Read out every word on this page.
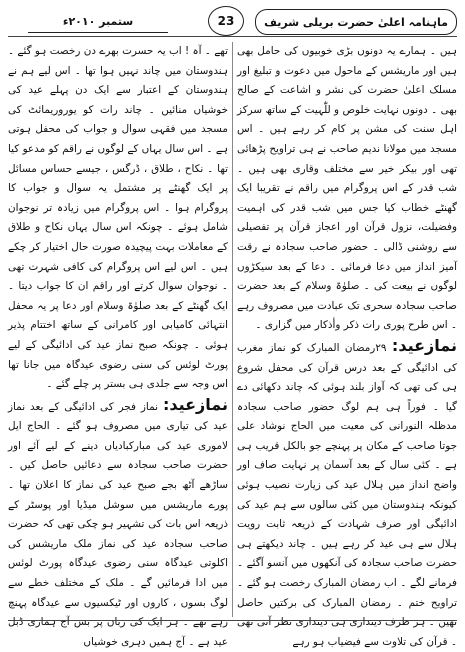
ماہنامہ اعلیٰ حضرت بریلی شریف
23
ستمبر ۲۰۱۰ء

ہیں ۔ ہمارے یہ دونوں بڑی خوبیوں کی حامل بھی ہیں اور ماریشس کے ماحول میں دعوت و تبلیغ اور مسلک اعلیٰ حضرت کی نشر و اشاعت کے صالح بھی ۔ دونوں نہایت خلوص و للّٰہیت کے ساتھ سرکز اہل سنت کی مشن پر کام کر رہے ہیں ۔ اس مسجد میں مولانا ندیم صاحب نے ہی تراویح پڑھائی تھی اور بیکر خیر سے مختلف وقاری بھی ہیں ۔ شب قدر کے اس پروگرام میں راقم نے تقریبا ایک گھنٹے خطاب کیا جس میں شب قدر کی اہمیت وفضیلت، نزول قرآن اور اعجاز قرآن پر تفصیلی سے روشنی ڈالی ۔ حضور صاحب سجادہ نے رقت آمیز انداز میں دعا فرمائی ۔ دعا کے بعد سیکڑوں لوگوں نے بیعت کی ۔ صلوٰۃ وسلام کے بعد حضرت صاحب سجادہ سحری تک عبادت میں مصروف رہے ۔ اس طرح پوری رات ذکر وأذکار میں گزاری ۔

نمازعید: ۲۹رمضان المبارک کو نماز مغرب کی ادائیگی کے بعد درس قرآن کی محفل شروع ہی کی تھی کہ آواز بلند ہوئی کہ چاند دکھائی دے گیا ۔ فوراً ہی ہم لوگ حضور صاحب سجادہ مدظلہ النورانی کی معیت میں الحاج نوشاد علی جوتا صاحب کے مکان پر پہنچے جو بالکل قریب ہی ہے ۔ کئی سال کے بعد آسمان پر نہایت صاف اور واضح انداز میں ہلال عید کی زیارت نصیب ہوئی کیونکہ ہندوستان میں کئی سالوں سے ہم عید کی ادائیگی اور صرف شہادت کے ذریعہ ثابت رویت ہلال سے ہی عید کر رہے ہیں ۔ چاند دیکھتے ہی حضرت صاحب سجادہ کی آنکھوں میں آنسو آگئے ۔ فرمانے لگے ۔ اب رمضان المبارک رخصت ہو گئے ۔ تراویح ختم ۔ رمضان المبارک کی برکتیں حاصل تھیں ۔ ہر طرف دینداری ہی دینداری نظر آتی تھی ۔ قرآن کی تلاوت سے فیضیاب ہو رہے

تھے ۔ آہ ! اب یہ حسرت بھرے دن رخصت ہو گئے ۔ ہندوستان میں چاند نہیں ہوا تھا ۔ اس لیے ہم نے ہندوستان کے اعتبار سے ایک دن پہلے عید کی خوشیاں منائیں ۔ چاند رات کو یوروریمائٹ کی مسجد میں فقہی سوال و جواب کی محفل ہوتی ہے ۔ اس سال یہاں کے لوگوں نے راقم کو مدعو کیا تھا ۔ نکاح ، طلاق ، ڈرگس ، جیسے حساس مسائل پر ایک گھنٹے پر مشتمل یہ سوال و جواب کا پروگرام ہوا ۔ اس پروگرام میں زیادہ تر نوجوان شامل ہوئے ۔ چونکہ اس سال یہاں نکاح و طلاق کے معاملات بہت پیچیدہ صورت حال اختیار کر چکے ہیں ۔ اس لیے اس پروگرام کی کافی شہرت تھی ۔ نوجوان سوال کرتے اور راقم ان کا جواب دیتا ۔ ایک گھنٹے کے بعد صلوٰۃ وسلام اور دعا پر یہ محفل انتہائی کامیابی اور کامرانی کے ساتھ اختتام پذیر ہوئی ۔ چونکہ صبح نماز عید کی ادائیگی کے لیے پورٹ لوئس کی سنی رضوی عیدگاہ میں جانا تھا اس وجہ سے جلدی ہی بستر پر چلے گئے ۔

نمازعید: نماز فجر کی ادائیگی کے بعد نماز عید کی تیاری میں مصروف ہو گئے ۔ الحاج ایل لاموری عید کی مبارکبادیاں دینے کے لیے آئے اور حضرت صاحب سجادہ سے دعائیں حاصل کیں ۔ ساڑھے آٹھ بجے صبح عید کی نماز کا اعلان تھا ۔ پورے ماریشس میں سوشل میڈیا اور پوسٹر کے ذریعہ اس بات کی تشہیر ہو چکی تھی کہ حضرت صاحب سجادہ عید کی نماز ملک ماریشس کی اکلوتی عیدگاہ سنی رضوی عیدگاہ پورٹ لوئس میں ادا فرمائیں گے ۔ ملک کے مختلف خطے سے لوگ بسوں ، کاروں اور ٹیکسیوں سے عیدگاہ پہنچ رہے تھے ۔ ہر ایک کی زبان پر بس آج ہماری ڈبل عید ہے ۔ آج ہمیں دہری خوشیاں
